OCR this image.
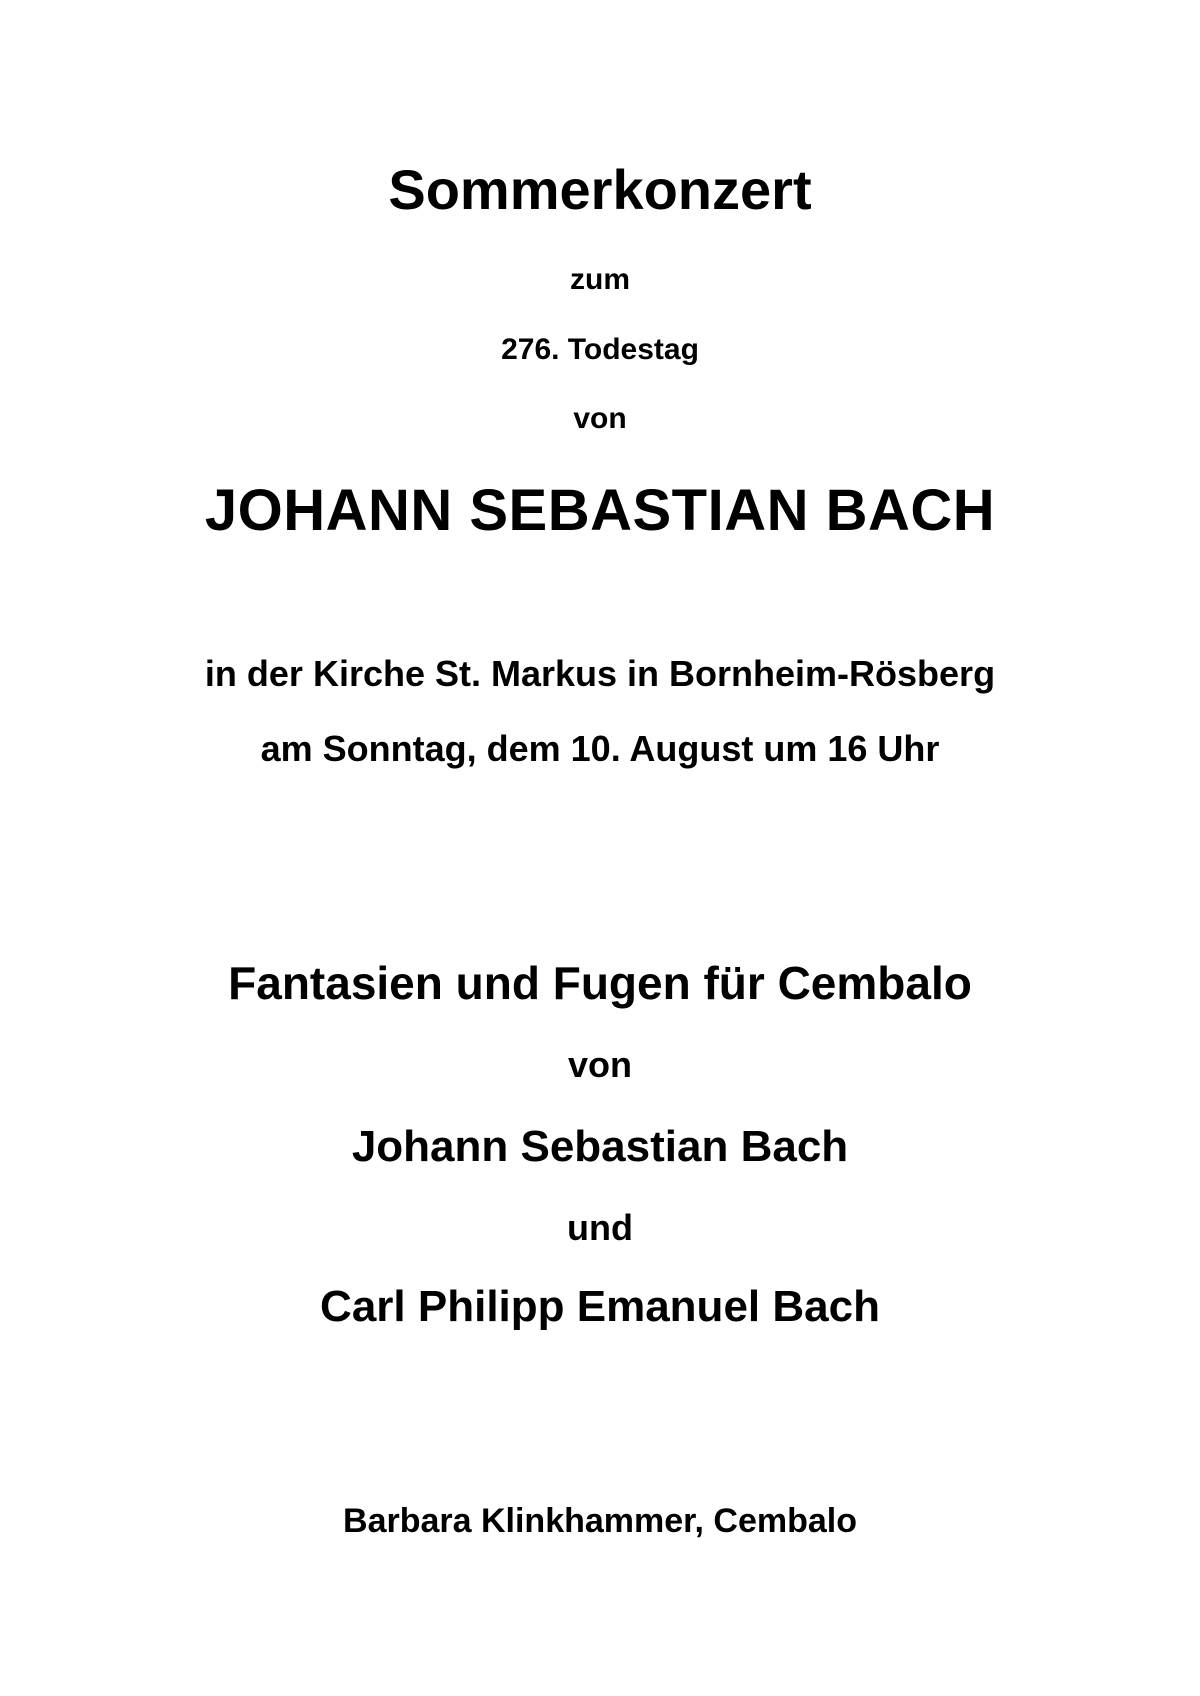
Sommerkonzert
zum
276. Todestag
von
JOHANN SEBASTIAN BACH
in der Kirche St. Markus in Bornheim-Rösberg
am Sonntag, dem 10. August um 16 Uhr
Fantasien und Fugen für Cembalo
von
Johann Sebastian Bach
und
Carl Philipp Emanuel Bach
Barbara Klinkhammer, Cembalo
